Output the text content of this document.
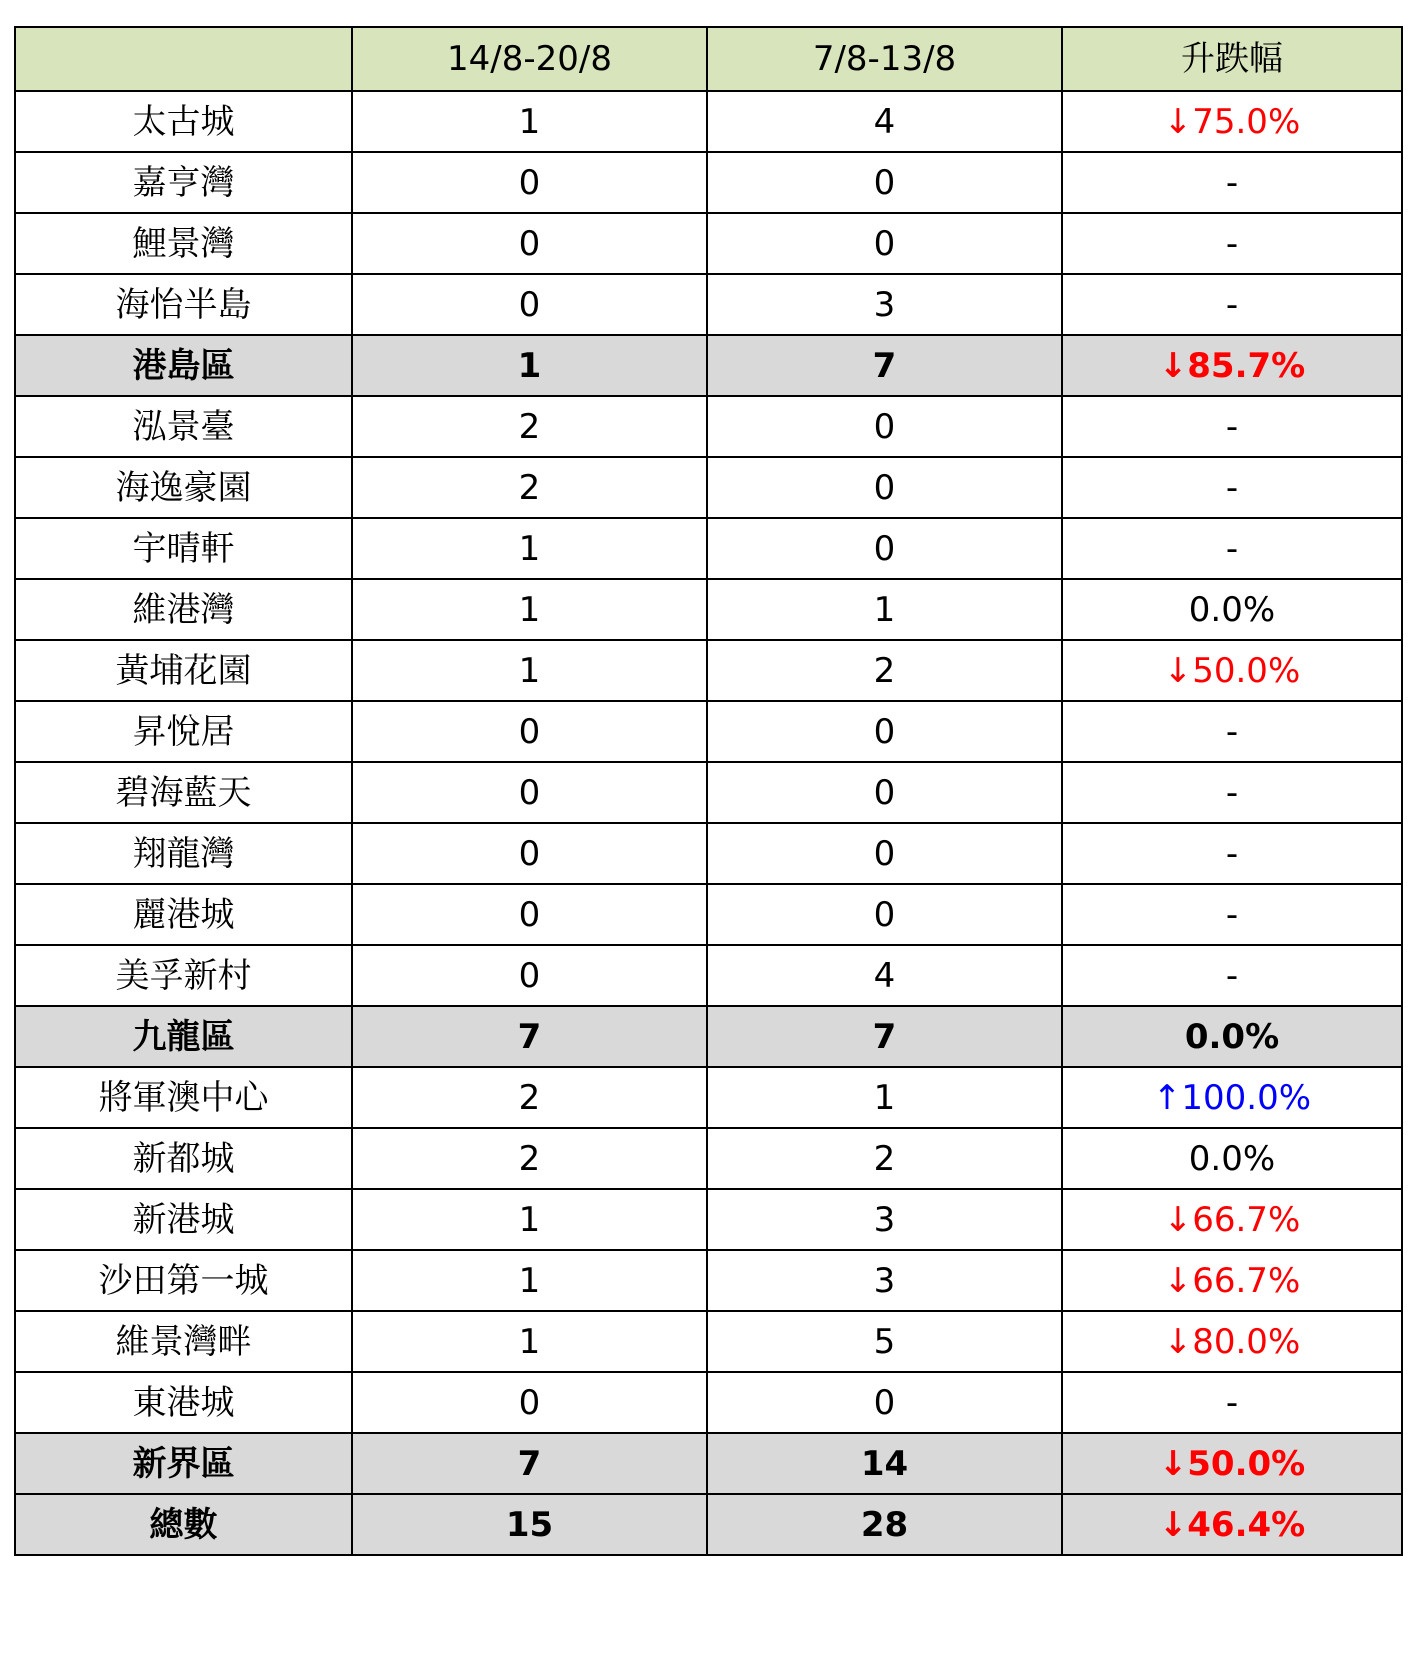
	14/8-20/8	7/8-13/8	升跌幅
太古城	1	4	↓75.0%
嘉亨灣	0	0	-
鯉景灣	0	0	-
海怡半島	0	3	-
港島區	1	7	↓85.7%
泓景臺	2	0	-
海逸豪園	2	0	-
宇晴軒	1	0	-
維港灣	1	1	0.0%
黃埔花園	1	2	↓50.0%
昇悅居	0	0	-
碧海藍天	0	0	-
翔龍灣	0	0	-
麗港城	0	0	-
美孚新村	0	4	-
九龍區	7	7	0.0%
將軍澳中心	2	1	↑100.0%
新都城	2	2	0.0%
新港城	1	3	↓66.7%
沙田第一城	1	3	↓66.7%
維景灣畔	1	5	↓80.0%
東港城	0	0	-
新界區	7	14	↓50.0%
總數	15	28	↓46.4%
